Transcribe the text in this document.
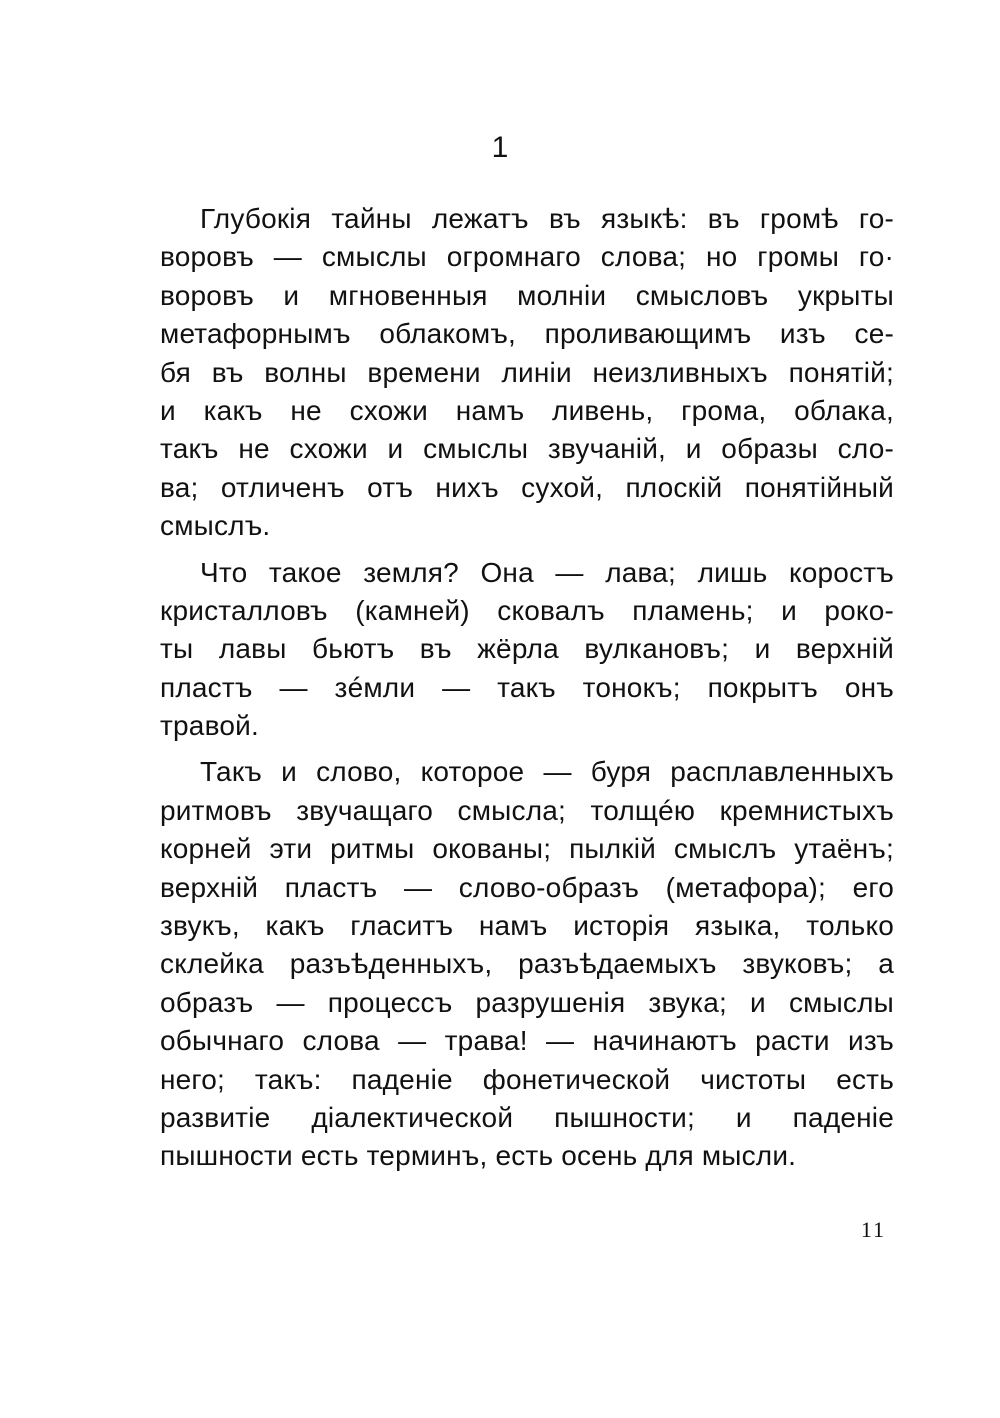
1
Глубокія тайны лежатъ въ языкѣ: въ громѣ го-
воровъ — смыслы огромнаго слова; но громы го·
воровъ и мгновенныя молніи смысловъ укрыты
метафорнымъ облакомъ, проливающимъ изъ се-
бя въ волны времени линіи неизливныхъ понятій;
и какъ не схожи намъ ливень, грома, облака,
такъ не схожи и смыслы звучаній, и образы сло-
ва; отличенъ отъ нихъ сухой, плоскій понятійный
смыслъ.
Что такое земля? Она — лава; лишь коростъ
кристалловъ (камней) сковалъ пламень; и роко-
ты лавы бьютъ въ жёрла вулкановъ; и верхній
пластъ — зéмли — такъ тонокъ; покрытъ онъ
травой.
Такъ и слово, которое — буря расплавленныхъ
ритмовъ звучащаго смысла; толщéю кремнистыхъ
корней эти ритмы окованы; пылкій смыслъ утаёнъ;
верхній пластъ — слово-образъ (метафора); его
звукъ, какъ гласитъ намъ исторія языка, только
склейка разъѣденныхъ, разъѣдаемыхъ звуковъ; а
образъ — процессъ разрушенія звука; и смыслы
обычнаго слова — трава! — начинаютъ расти изъ
него; такъ: паденіе фонетической чистоты есть
развитіе діалектической пышности; и паденіе
пышности есть терминъ, есть осень для мысли.
11
